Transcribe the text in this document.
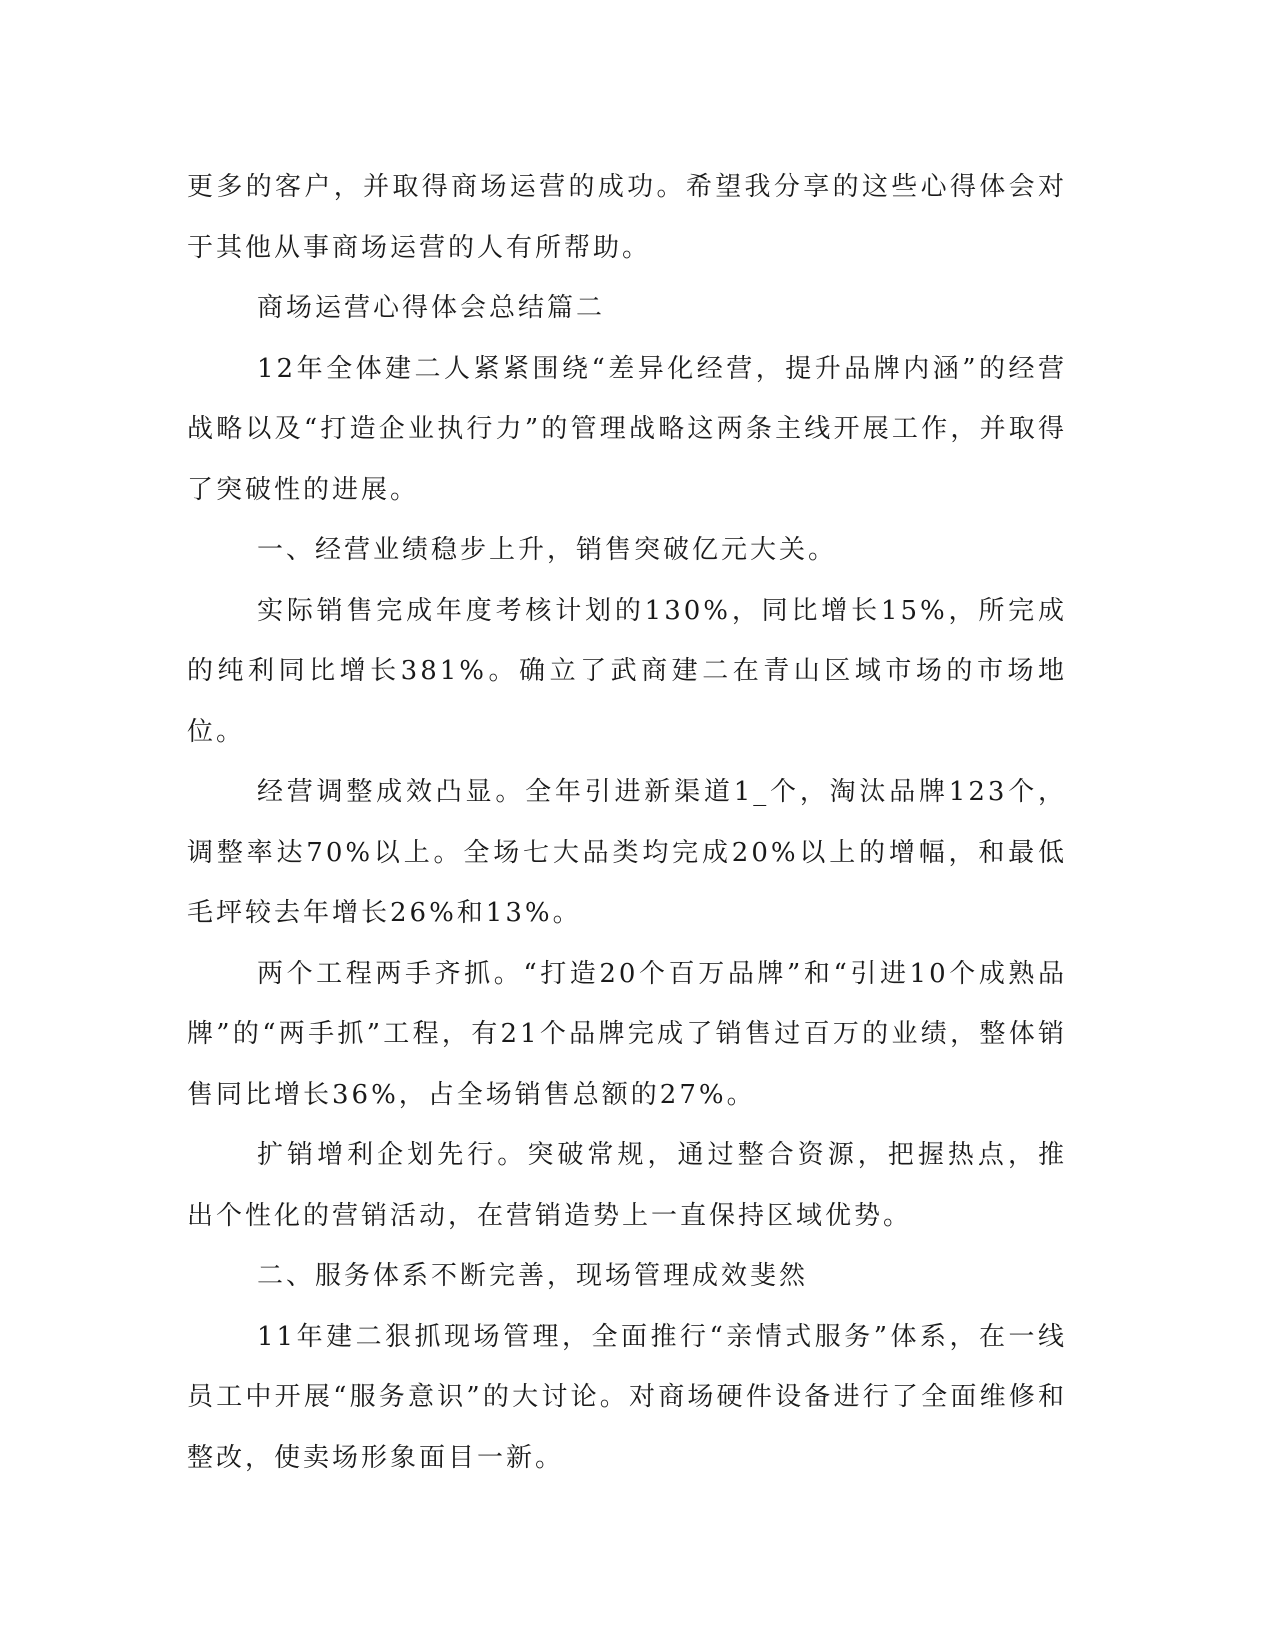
更多的客户，并取得商场运营的成功。希望我分享的这些心得体会对于其他从事商场运营的人有所帮助。

商场运营心得体会总结篇二

12年全体建二人紧紧围绕“差异化经营，提升品牌内涵”的经营战略以及“打造企业执行力”的管理战略这两条主线开展工作，并取得了突破性的进展。

一、经营业绩稳步上升，销售突破亿元大关。

实际销售完成年度考核计划的130%，同比增长15%，所完成的纯利同比增长381%。确立了武商建二在青山区域市场的市场地位。

经营调整成效凸显。全年引进新渠道1_个，淘汰品牌123个，调整率达70%以上。全场七大品类均完成20%以上的增幅，和最低毛坪较去年增长26%和13%。

两个工程两手齐抓。“打造20个百万品牌”和“引进10个成熟品牌”的“两手抓”工程，有21个品牌完成了销售过百万的业绩，整体销售同比增长36%，占全场销售总额的27%。

扩销增利企划先行。突破常规，通过整合资源，把握热点，推出个性化的营销活动，在营销造势上一直保持区域优势。

二、服务体系不断完善，现场管理成效斐然

11年建二狠抓现场管理，全面推行“亲情式服务”体系，在一线员工中开展“服务意识”的大讨论。对商场硬件设备进行了全面维修和整改，使卖场形象面目一新。
